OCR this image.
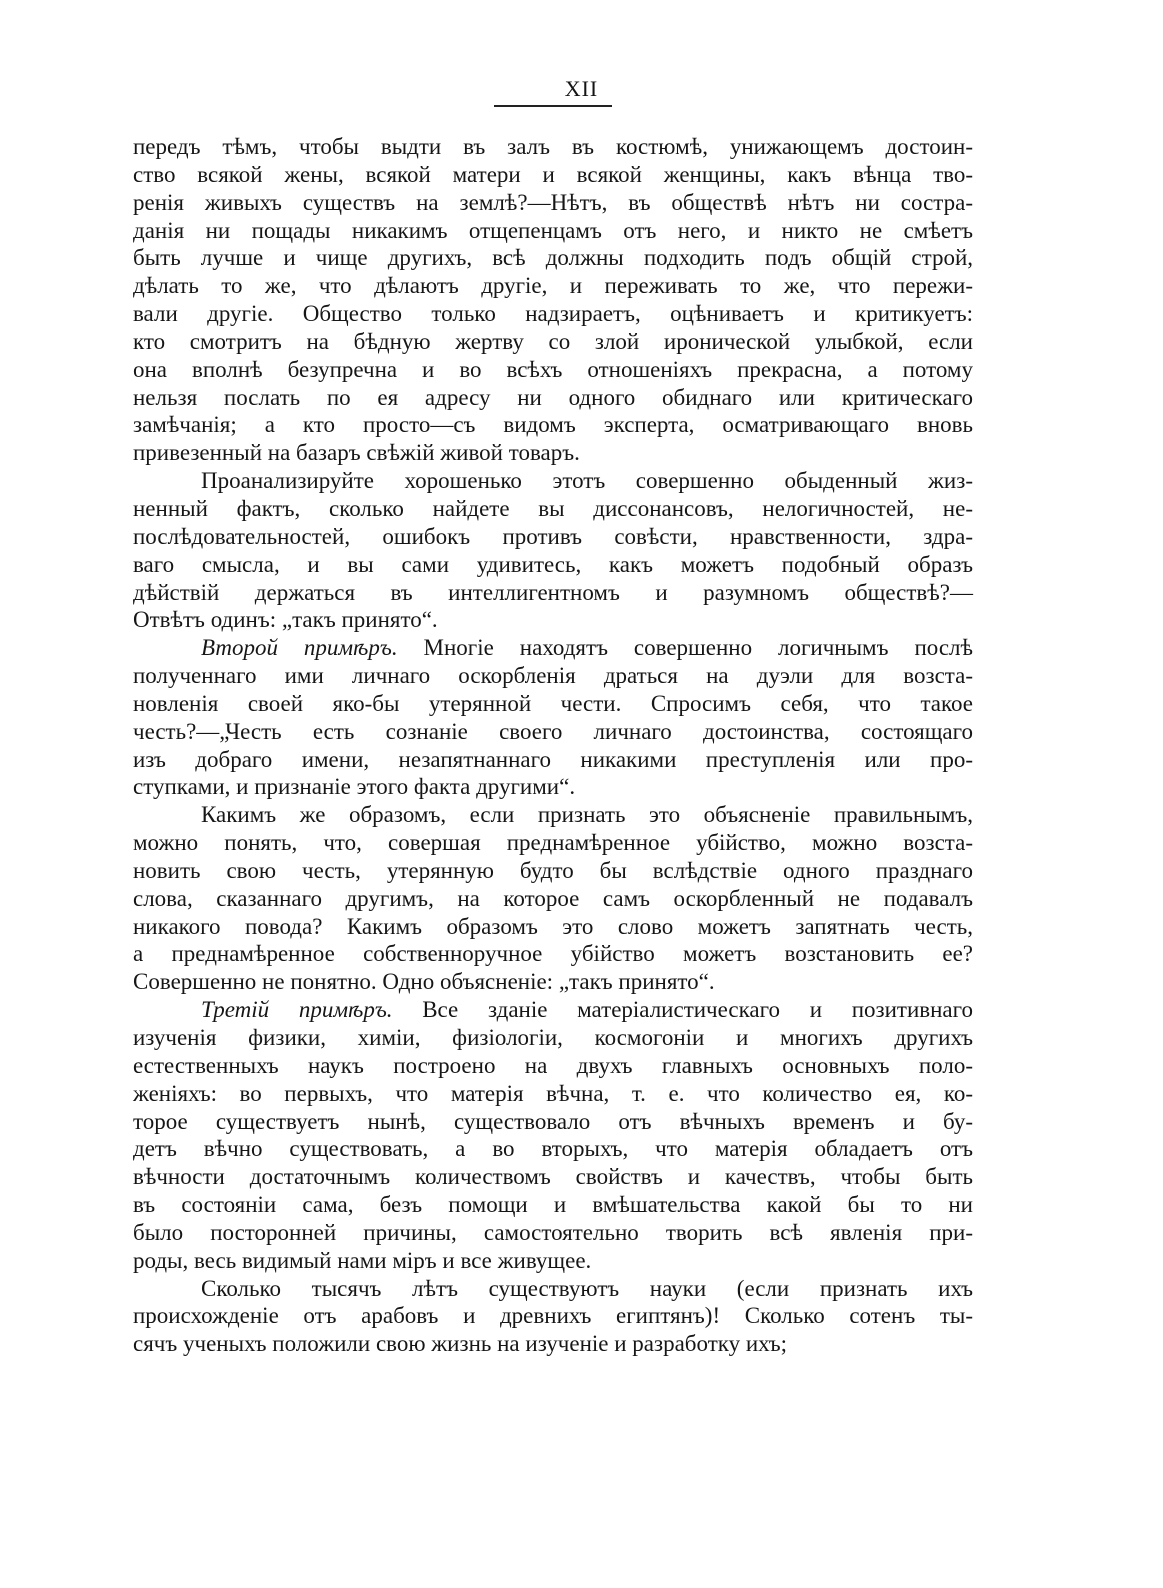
XII
передъ тѣмъ, чтобы выдти въ залъ въ костюмѣ, унижающемъ достоин-
ство всякой жены, всякой матери и всякой женщины, какъ вѣнца тво-
ренія живыхъ существъ на землѣ?—Нѣтъ, въ обществѣ нѣтъ ни состра-
данія ни пощады никакимъ отщепенцамъ отъ него, и никто не смѣетъ
быть лучше и чище другихъ, всѣ должны подходить подъ общій строй,
дѣлать то же, что дѣлаютъ другіе, и переживать то же, что пережи-
вали другіе. Общество только надзираетъ, оцѣниваетъ и критикуетъ:
кто смотритъ на бѣдную жертву со злой иронической улыбкой, если
она вполнѣ безупречна и во всѣхъ отношеніяхъ прекрасна, а потому
нельзя послать по ея адресу ни одного обиднаго или критическаго
замѣчанія; а кто просто—съ видомъ эксперта, осматривающаго вновь
привезенный на базаръ свѣжій живой товаръ.
Проанализируйте хорошенько этотъ совершенно обыденный жиз-
ненный фактъ, сколько найдете вы диссонансовъ, нелогичностей, не-
послѣдовательностей, ошибокъ противъ совѣсти, нравственности, здра-
ваго смысла, и вы сами удивитесь, какъ можетъ подобный образъ
дѣйствій держаться въ интеллигентномъ и разумномъ обществѣ?—
Отвѣтъ одинъ: „такъ принято“.
Второй примѣръ. Многіе находятъ совершенно логичнымъ послѣ
полученнаго ими личнаго оскорбленія драться на дуэли для возста-
новленія своей яко-бы утерянной чести. Спросимъ себя, что такое
честь?—„Честь есть сознаніе своего личнаго достоинства, состоящаго
изъ добраго имени, незапятнаннаго никакими преступленія или про-
ступками, и признаніе этого факта другими“.
Какимъ же образомъ, если признать это объясненіе правильнымъ,
можно понять, что, совершая преднамѣренное убійство, можно возста-
новить свою честь, утерянную будто бы вслѣдствіе одного празднаго
слова, сказаннаго другимъ, на которое самъ оскорбленный не подавалъ
никакого повода? Какимъ образомъ это слово можетъ запятнать честь,
а преднамѣренное собственноручное убійство можетъ возстановить ее?
Совершенно не понятно. Одно объясненіе: „такъ принято“.
Третій примѣръ. Все зданіе матеріалистическаго и позитивнаго
изученія физики, химіи, физіологіи, космогоніи и многихъ другихъ
естественныхъ наукъ построено на двухъ главныхъ основныхъ поло-
женіяхъ: во первыхъ, что матерія вѣчна, т. е. что количество ея, ко-
торое существуетъ нынѣ, существовало отъ вѣчныхъ временъ и бу-
детъ вѣчно существовать, а во вторыхъ, что матерія обладаетъ отъ
вѣчности достаточнымъ количествомъ свойствъ и качествъ, чтобы быть
въ состояніи сама, безъ помощи и вмѣшательства какой бы то ни
было посторонней причины, самостоятельно творить всѣ явленія при-
роды, весь видимый нами міръ и все живущее.
Сколько тысячъ лѣтъ существуютъ науки (если признать ихъ
происхожденіе отъ арабовъ и древнихъ египтянъ)! Сколько сотенъ ты-
сячъ ученыхъ положили свою жизнь на изученіе и разработку ихъ;
